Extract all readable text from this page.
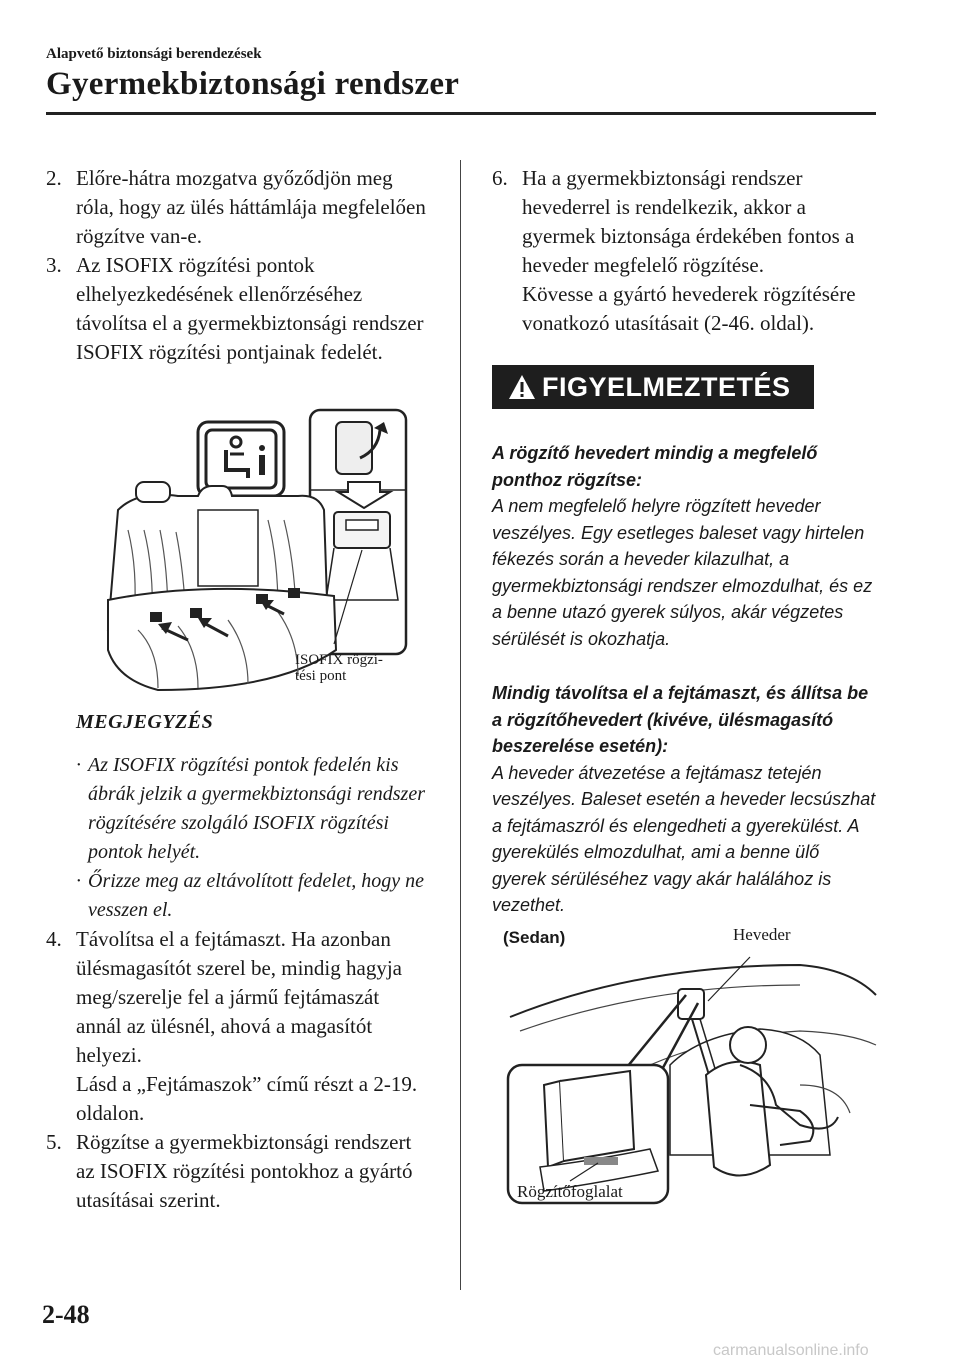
Alapvető biztonsági berendezések
Gyermekbiztonsági rendszer
2. Előre-hátra mozgatva győződjön meg róla, hogy az ülés háttámlája megfelelően rögzítve van-e.
3. Az ISOFIX rögzítési pontok elhelyezkedésének ellenőrzéséhez távolítsa el a gyermekbiztonsági rendszer ISOFIX rögzítési pontjainak fedelét.
ISOFIX rögzí-
tési pont

MEGJEGYZÉS

· Az ISOFIX rögzítési pontok fedelén kis ábrák jelzik a gyermekbiztonsági rendszer rögzítésére szolgáló ISOFIX rögzítési pontok helyét.
· Őrizze meg az eltávolított fedelet, hogy ne vesszen el.
4. Távolítsa el a fejtámaszt. Ha azonban ülésmagasítót szerel be, mindig hagyja meg/szerelje fel a jármű fejtámaszát annál az ülésnél, ahová a magasítót helyezi.

Lásd a „Fejtámaszok” című részt a 2-19. oldalon.

5. Rögzítse a gyermekbiztonsági rendszert az ISOFIX rögzítési pontokhoz a gyártó utasításai szerint.
6. Ha a gyermekbiztonsági rendszer hevederrel is rendelkezik, akkor a gyermek biztonsága érdekében fontos a heveder megfelelő rögzítése.

Kövesse a gyártó hevederek rögzítésére vonatkozó utasításait (2-46. oldal).

FIGYELMEZTETÉS

A rögzítő hevedert mindig a megfelelő ponthoz rögzítse:

A nem megfelelő helyre rögzített heveder veszélyes. Egy esetleges baleset vagy hirtelen fékezés során a heveder kilazulhat, a gyermekbiztonsági rendszer elmozdulhat, és ez a benne utazó gyerek súlyos, akár végzetes sérülését is okozhatja.

Mindig távolítsa el a fejtámaszt, és állítsa be a rögzítőhevedert (kivéve, ülésmagasító beszerelése esetén):

A heveder átvezetése a fejtámasz tetején veszélyes. Baleset esetén a heveder lecsúszhat a fejtámaszról és elengedheti a gyerekülést. A gyerekülés elmozdulhat, ami a benne ülő gyerek sérüléséhez vagy akár halálához is vezethet.

(Sedan)	Heveder
Rögzítőfoglalat
2-48
carmanualsonline.info
